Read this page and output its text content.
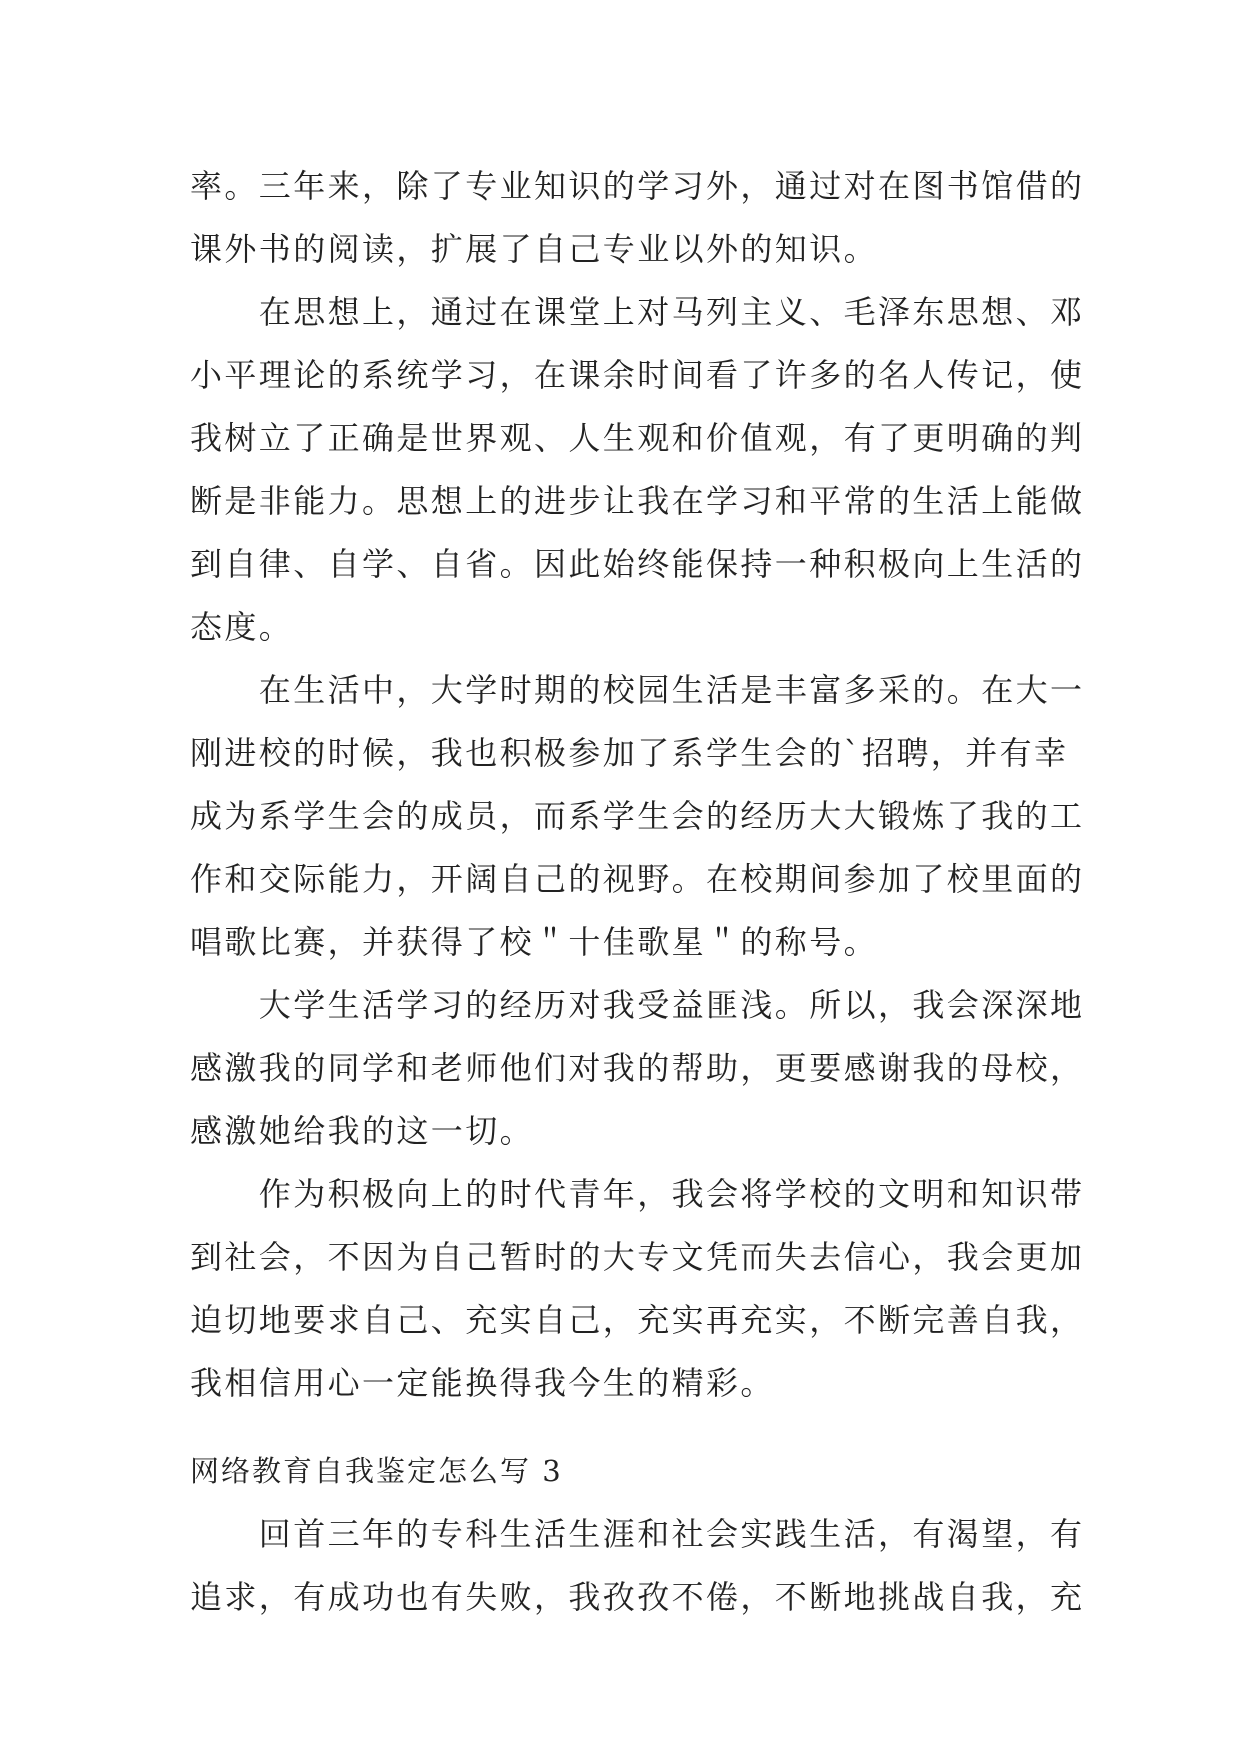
率。三年来，除了专业知识的学习外，通过对在图书馆借的
课外书的阅读，扩展了自己专业以外的知识。
　　在思想上，通过在课堂上对马列主义、毛泽东思想、邓
小平理论的系统学习，在课余时间看了许多的名人传记，使
我树立了正确是世界观、人生观和价值观，有了更明确的判
断是非能力。思想上的进步让我在学习和平常的生活上能做
到自律、自学、自省。因此始终能保持一种积极向上生活的
态度。
　　在生活中，大学时期的校园生活是丰富多采的。在大一
刚进校的时候，我也积极参加了系学生会的`招聘，并有幸
成为系学生会的成员，而系学生会的经历大大锻炼了我的工
作和交际能力，开阔自己的视野。在校期间参加了校里面的
唱歌比赛，并获得了校＂十佳歌星＂的称号。
　　大学生活学习的经历对我受益匪浅。所以，我会深深地
感激我的同学和老师他们对我的帮助，更要感谢我的母校，
感激她给我的这一切。
　　作为积极向上的时代青年，我会将学校的文明和知识带
到社会，不因为自己暂时的大专文凭而失去信心，我会更加
迫切地要求自己、充实自己，充实再充实，不断完善自我，
我相信用心一定能换得我今生的精彩。
网络教育自我鉴定怎么写 3
　　回首三年的专科生活生涯和社会实践生活，有渴望，有
追求，有成功也有失败，我孜孜不倦，不断地挑战自我，充
